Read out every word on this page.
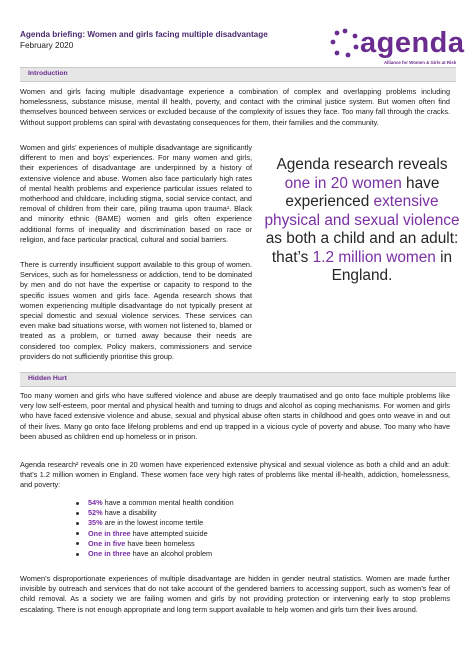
Agenda briefing: Women and girls facing multiple disadvantage
February 2020	agenda
Alliance for Women & Girls at Risk
Introduction

Women and girls facing multiple disadvantage experience a combination of complex and overlapping problems including homelessness, substance misuse, mental ill health, poverty, and contact with the criminal justice system. But women often find themselves bounced between services or excluded because of the complexity of issues they face. Too many fall through the cracks. Without support problems can spiral with devastating consequences for them, their families and the community.

Women and girls’ experiences of multiple disadvantage are significantly different to men and boys’ experiences. For many women and girls, their experiences of disadvantage are underpinned by a history of extensive violence and abuse. Women also face particularly high rates of mental health problems and experience particular issues related to motherhood and childcare, including stigma, social service contact, and removal of children from their care, piling trauma upon trauma¹. Black and minority ethnic (BAME) women and girls often experience additional forms of inequality and discrimination based on race or religion, and face particular practical, cultural and social barriers.

There is currently insufficient support available to this group of women. Services, such as for homelessness or addiction, tend to be dominated by men and do not have the expertise or capacity to respond to the specific issues women and girls face. Agenda research shows that women experiencing multiple disadvantage do not typically present at special domestic and sexual violence services. These services can even make bad situations worse, with women not listened to, blamed or treated as a problem, or turned away because their needs are considered too complex. Policy makers, commissioners and service providers do not sufficiently prioritise this group.

Agenda research reveals one in 20 women have experienced extensive physical and sexual violence as both a child and an adult: that’s 1.2 million women in England.
Hidden Hurt

Too many women and girls who have suffered violence and abuse are deeply traumatised and go onto face multiple problems like very low self-esteem, poor mental and physical health and turning to drugs and alcohol as coping mechanisms. For women and girls who have faced extensive violence and abuse, sexual and physical abuse often starts in childhood and goes onto weave in and out of their lives. Many go onto face lifelong problems and end up trapped in a vicious cycle of poverty and abuse. Too many who have been abused as children end up homeless or in prison.

Agenda research² reveals one in 20 women have experienced extensive physical and sexual violence as both a child and an adult: that’s 1.2 million women in England. These women face very high rates of problems like mental ill-health, addiction, homelessness, and poverty:

54% have a common mental health condition
52% have a disability
35% are in the lowest income tertile
One in three have attempted suicide
One in five have been homeless
One in three have an alcohol problem

Women’s disproportionate experiences of multiple disadvantage are hidden in gender neutral statistics. Women are made further invisible by outreach and services that do not take account of the gendered barriers to accessing support, such as women’s fear of child removal. As a society we are failing women and girls by not providing protection or intervening early to stop problems escalating. There is not enough appropriate and long term support available to help women and girls turn their lives around.
